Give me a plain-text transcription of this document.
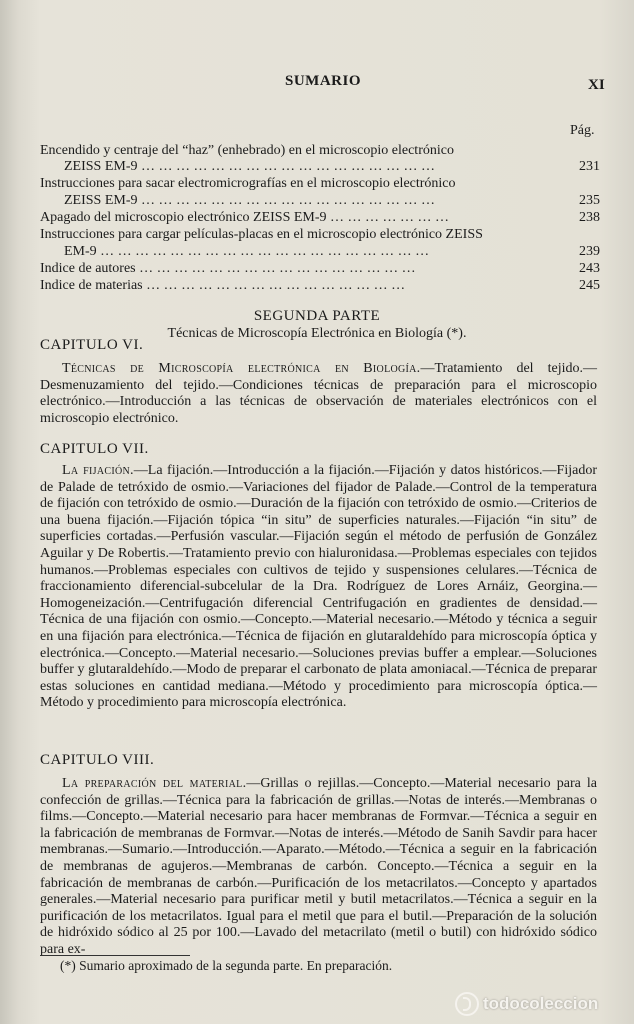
SUMARIO	XI
Pág.
Encendido y centraje del “haz” (enhebrado) en el microscopio electrónico
ZEISS EM-9 … … … … … … … … … … … … … … … … …	231
Instrucciones para sacar electromicrografías en el microscopio electrónico
ZEISS EM-9 … … … … … … … … … … … … … … … … …	235
Apagado del microscopio electrónico ZEISS EM-9 … … … … … … …	238
Instrucciones para cargar películas-placas en el microscopio electrónico ZEISS
EM-9 … … … … … … … … … … … … … … … … … … …	239
Indice de autores … … … … … … … … … … … … … … … …	243
Indice de materias … … … … … … … … … … … … … … …	245
SEGUNDA PARTE
Técnicas de Microscopía Electrónica en Biología (*).
CAPITULO VI.
Técnicas de Microscopía electrónica en Biología.—Tratamiento del tejido.—Desmenuzamiento del tejido.—Condiciones técnicas de preparación para el microscopio electrónico.—Introducción a las técnicas de observación de materiales electrónicos con el microscopio electrónico.
CAPITULO VII.
La fijación.—La fijación.—Introducción a la fijación.—Fijación y datos históricos.—Fijador de Palade de tetróxido de osmio.—Variaciones del fijador de Palade.—Control de la temperatura de fijación con tetróxido de osmio.—Duración de la fijación con tetróxido de osmio.—Criterios de una buena fijación.—Fijación tópica “in situ” de superficies naturales.—Fijación “in situ” de superficies cortadas.—Perfusión vascular.—Fijación según el método de perfusión de González Aguilar y De Robertis.—Tratamiento previo con hialuronidasa.—Problemas especiales con tejidos humanos.—Problemas especiales con cultivos de tejido y suspensiones celulares.—Técnica de fraccionamiento diferencial-subcelular de la Dra. Rodríguez de Lores Arnáiz, Georgina.—Homogeneización.—Centrifugación diferencial Centrifugación en gradientes de densidad.—Técnica de una fijación con osmio.—Concepto.—Material necesario.—Método y técnica a seguir en una fijación para electrónica.—Técnica de fijación en glutaraldehído para microscopía óptica y electrónica.—Concepto.—Material necesario.—Soluciones previas buffer a emplear.—Soluciones buffer y glutaraldehído.—Modo de preparar el carbonato de plata amoniacal.—Técnica de preparar estas soluciones en cantidad mediana.—Método y procedimiento para microscopía óptica.—Método y procedimiento para microscopía electrónica.
CAPITULO VIII.
La preparación del material.—Grillas o rejillas.—Concepto.—Material necesario para la confección de grillas.—Técnica para la fabricación de grillas.—Notas de interés.—Membranas o films.—Concepto.—Material necesario para hacer membranas de Formvar.—Técnica a seguir en la fabricación de membranas de Formvar.—Notas de interés.—Método de Sanih Savdir para hacer membranas.—Sumario.—Introducción.—Aparato.—Método.—Técnica a seguir en la fabricación de membranas de agujeros.—Membranas de carbón. Concepto.—Técnica a seguir en la fabricación de membranas de carbón.—Purificación de los metacrilatos.—Concepto y apartados generales.—Material necesario para purificar metil y butil metacrilatos.—Técnica a seguir en la purificación de los metacrilatos. Igual para el metil que para el butil.—Preparación de la solución de hidróxido sódico al 25 por 100.—Lavado del metacrilato (metil o butil) con hidróxido sódico para ex-
(*) Sumario aproximado de la segunda parte. En preparación.
todocoleccion
